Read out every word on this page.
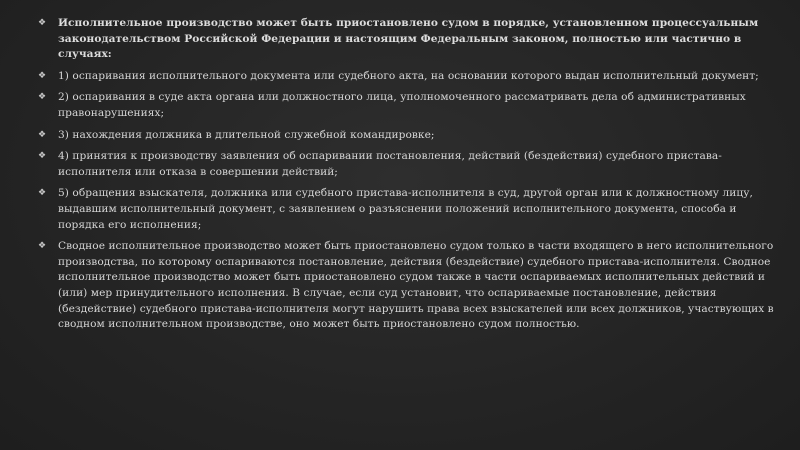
❖ Исполнительное производство может быть приостановлено судом в порядке, установленном процессуальным законодательством Российской Федерации и настоящим Федеральным законом, полностью или частично в случаях:
❖ 1) оспаривания исполнительного документа или судебного акта, на основании которого выдан исполнительный документ;
❖ 2) оспаривания в суде акта органа или должностного лица, уполномоченного рассматривать дела об административных правонарушениях;
❖ 3) нахождения должника в длительной служебной командировке;
❖ 4) принятия к производству заявления об оспаривании постановления, действий (бездействия) судебного пристава-исполнителя или отказа в совершении действий;
❖ 5) обращения взыскателя, должника или судебного пристава-исполнителя в суд, другой орган или к должностному лицу, выдавшим исполнительный документ, с заявлением о разъяснении положений исполнительного документа, способа и порядка его исполнения;
❖ Сводное исполнительное производство может быть приостановлено судом только в части входящего в него исполнительного производства, по которому оспариваются постановление, действия (бездействие) судебного пристава-исполнителя. Сводное исполнительное производство может быть приостановлено судом также в части оспариваемых исполнительных действий и (или) мер принудительного исполнения. В случае, если суд установит, что оспариваемые постановление, действия (бездействие) судебного пристава-исполнителя могут нарушить права всех взыскателей или всех должников, участвующих в сводном исполнительном производстве, оно может быть приостановлено судом полностью.
